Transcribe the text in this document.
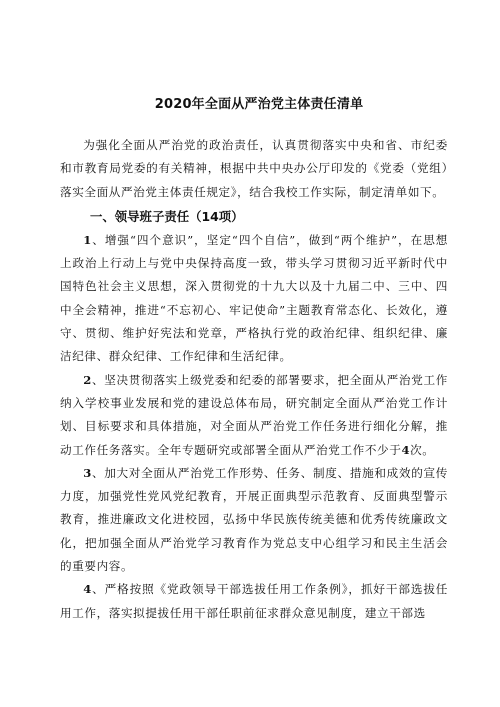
2020年全面从严治党主体责任清单

为强化全面从严治党的政治责任，认真贯彻落实中央和省、市纪委和市教育局党委的有关精神，根据中共中央办公厅印发的《党委（党组）落实全面从严治党主体责任规定》，结合我校工作实际，制定清单如下。

一、领导班子责任（14项）

1、增强“四个意识”，坚定“四个自信”，做到“两个维护”，在思想上政治上行动上与党中央保持高度一致，带头学习贯彻习近平新时代中国特色社会主义思想，深入贯彻党的十九大以及十九届二中、三中、四中全会精神，推进“不忘初心、牢记使命”主题教育常态化、长效化，遵守、贯彻、维护好宪法和党章，严格执行党的政治纪律、组织纪律、廉洁纪律、群众纪律、工作纪律和生活纪律。

2、坚决贯彻落实上级党委和纪委的部署要求，把全面从严治党工作纳入学校事业发展和党的建设总体布局，研究制定全面从严治党工作计划、目标要求和具体措施，对全面从严治党工作任务进行细化分解，推动工作任务落实。全年专题研究或部署全面从严治党工作不少于4次。

3、加大对全面从严治党工作形势、任务、制度、措施和成效的宣传力度，加强党性党风党纪教育，开展正面典型示范教育、反面典型警示教育，推进廉政文化进校园，弘扬中华民族传统美德和优秀传统廉政文化，把加强全面从严治党学习教育作为党总支中心组学习和民主生活会的重要内容。

4、严格按照《党政领导干部选拔任用工作条例》，抓好干部选拔任用工作，落实拟提拔任用干部任职前征求群众意见制度，建立干部选
